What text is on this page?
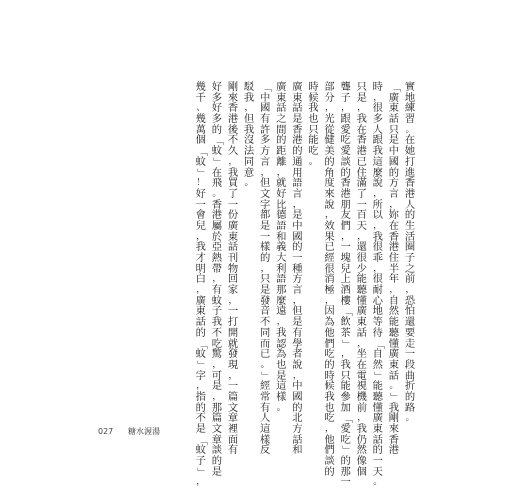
實
地
練
習
。
在
她
打
進
香
港
人
的
生
活
圈
子
之
前
，
恐
怕
還
要
走
一
段
曲
折
的
路
。
「
廣
東
話
只
是
中
國
的
方
言
，
妳
在
香
港
住
半
年
，
自
然
能
聽
懂
廣
東
話
。
」
我
剛
來
香
港
時
，
很
多
人
跟
我
這
麼
說
，
所
以
，
我
很
乖
，
很
耐
心
地
等
待
「
自
然
」
能
聽
懂
廣
東
話
的
一
天
。
只
是
，
我
在
香
港
已
住
滿
了
一
百
天
，
還
很
少
能
聽
懂
廣
東
話
，
坐
在
電
視
機
前
，
我
仍
然
像
個
聾
子
，
跟
愛
吃
愛
談
的
香
港
朋
友
們
，
一
塊
兒
上
酒
樓
「
飲
茶
」
，
我
只
能
參
加
「
愛
吃
」
的
那
一
部
分
，
光
從
健
美
的
角
度
來
說
，
效
果
已
經
很
消
極
，
因
為
他
們
吃
的
時
候
我
也
吃
，
他
們
談
的
時
候
我
也
只
能
吃
。
廣
東
話
是
香
港
的
通
用
語
言
，
是
中
國
的
一
種
方
言
，
但
是
有
學
者
說
，
中
國
的
北
方
話
和
廣
東
話
之
間
的
距
離
，
就
好
比
德
語
和
義
大
利
語
那
麼
遠
，
我
認
為
也
是
這
樣
。
「
中
國
有
許
多
方
言
，
但
文
字
都
是
一
樣
的
，
只
是
發
音
不
同
而
已
。
」
經
常
有
人
這
樣
反
駁
我
，
但
我
沒
法
同
意
。
剛
來
香
港
後
不
久
，
我
買
了
一
份
廣
東
話
刊
物
回
家
，
一
打
開
就
發
現
，
一
篇
文
章
裡
面
有
好
多
好
多
的
「
蚊
」
在
飛
。
香
港
屬
於
亞
熱
帶
，
有
蚊
子
我
不
吃
驚
，
可
是
，
那
篇
文
章
談
的
是
幾
千
、
幾
萬
個
「
蚊
」
！
好
一
會
兒
，
我
才
明
白
，
廣
東
話
的
「
蚊
」
字
，
指
的
不
是
「
蚊
子
」
，
027 糖水渥湯
